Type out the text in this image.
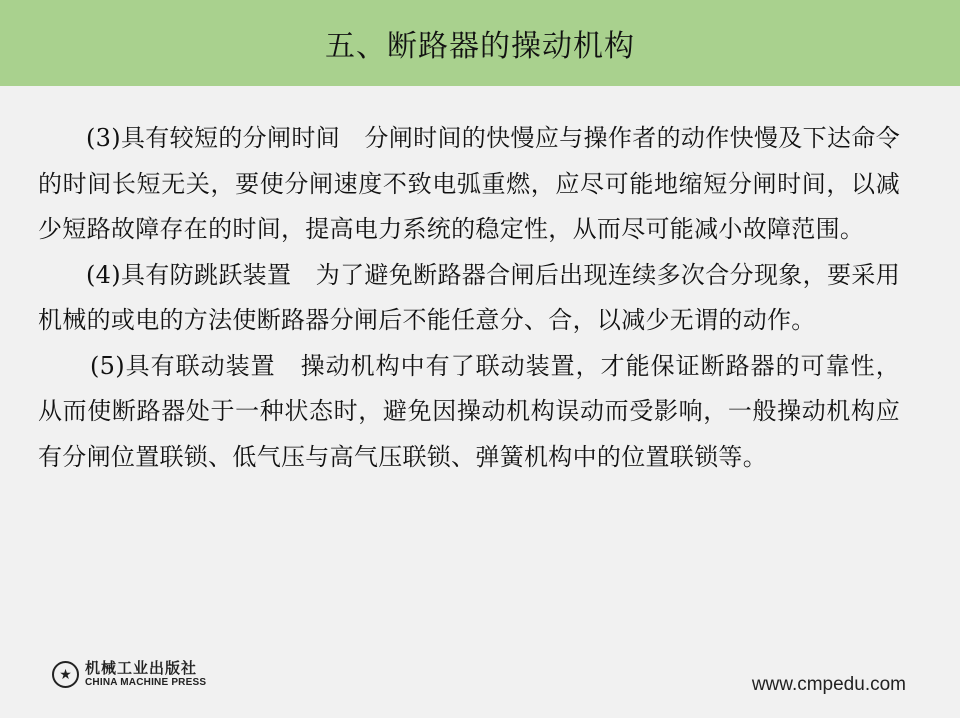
五、断路器的操动机构

(3)具有较短的分闸时间　分闸时间的快慢应与操作者的动作快慢及下达命令的时间长短无关，要使分闸速度不致电弧重燃，应尽可能地缩短分闸时间，以减少短路故障存在的时间，提高电力系统的稳定性，从而尽可能减小故障范围。

(4)具有防跳跃装置　为了避免断路器合闸后出现连续多次合分现象，要采用机械的或电的方法使断路器分闸后不能任意分、合，以减少无谓的动作。

(5)具有联动装置　操动机构中有了联动装置，才能保证断路器的可靠性，从而使断路器处于一种状态时，避免因操动机构误动而受影响，一般操动机构应有分闸位置联锁、低气压与高气压联锁、弹簧机构中的位置联锁等。

★ 机械工业出版社
CHINA MACHINE PRESS	www.cmpedu.com
